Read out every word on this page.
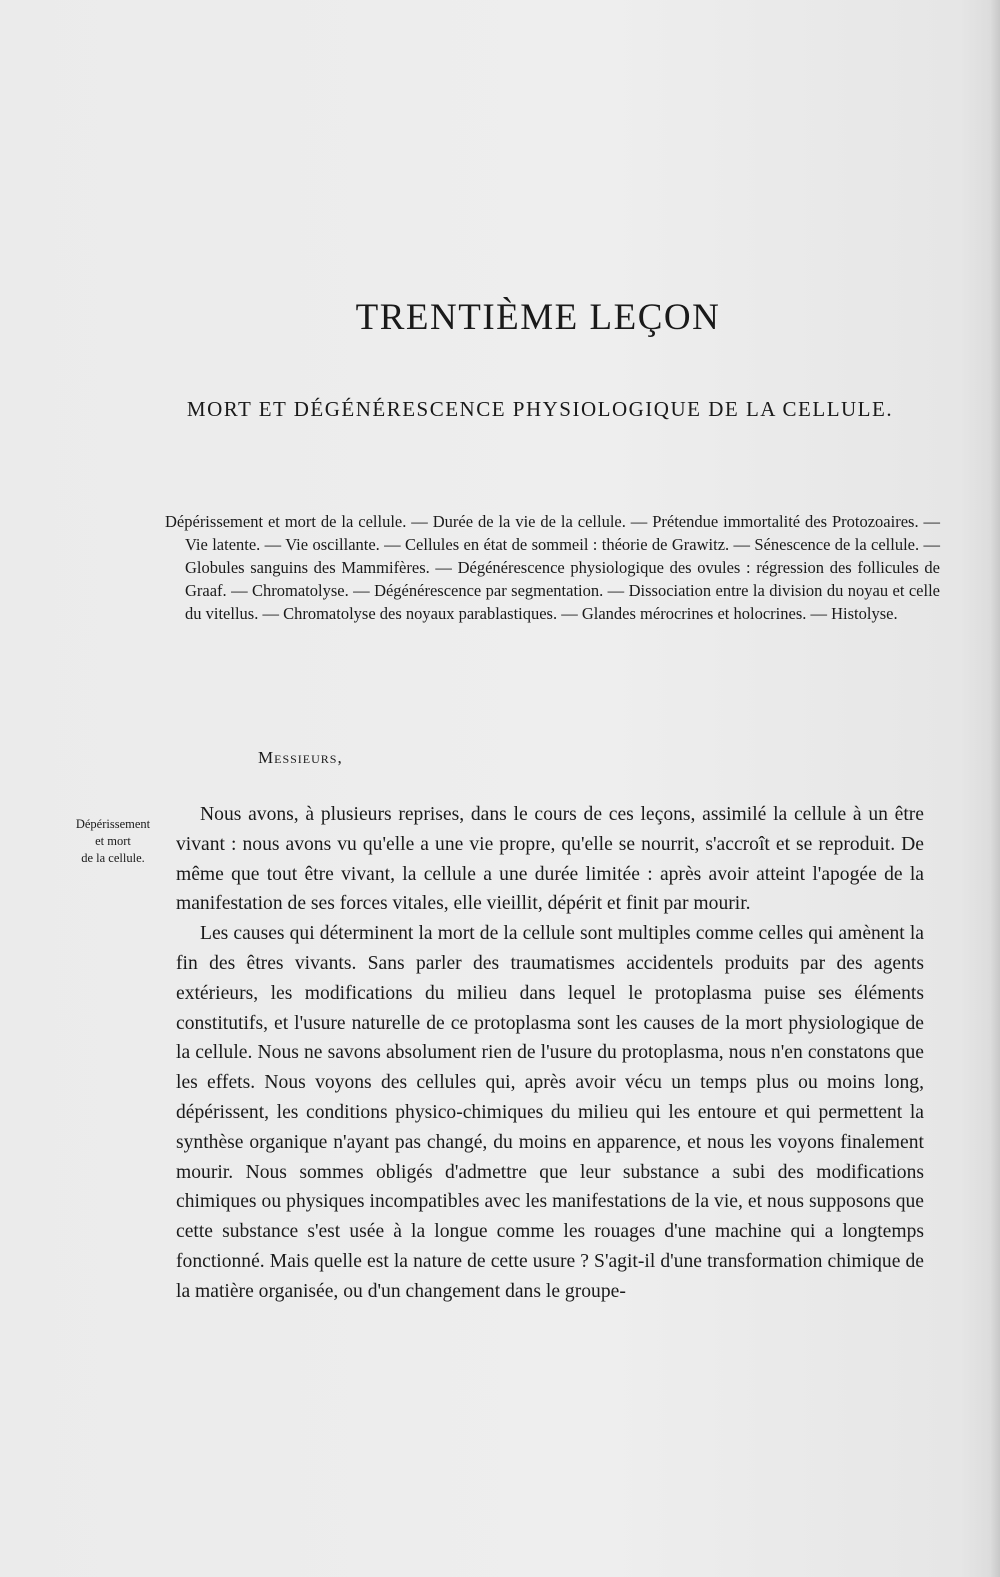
TRENTIÈME LEÇON
MORT ET DÉGÉNÉRESCENCE PHYSIOLOGIQUE DE LA CELLULE.

Dépérissement et mort de la cellule. — Durée de la vie de la cellule. — Prétendue immortalité des Protozoaires. — Vie latente. — Vie oscillante. — Cellules en état de sommeil : théorie de Grawitz. — Sénescence de la cellule. — Globules sanguins des Mammifères. — Dégénérescence physiologique des ovules : régression des follicules de Graaf. — Chromatolyse. — Dégénérescence par segmentation. — Dissociation entre la division du noyau et celle du vitellus. — Chromatolyse des noyaux parablastiques. — Glandes mérocrines et holocrines. — Histolyse.

Messieurs,

Dépérissement
et mort
de la cellule.

Nous avons, à plusieurs reprises, dans le cours de ces leçons, assimilé la cellule à un être vivant : nous avons vu qu'elle a une vie propre, qu'elle se nourrit, s'accroît et se reproduit. De même que tout être vivant, la cellule a une durée limitée : après avoir atteint l'apogée de la manifestation de ses forces vitales, elle vieillit, dépérit et finit par mourir.

Les causes qui déterminent la mort de la cellule sont multiples comme celles qui amènent la fin des êtres vivants. Sans parler des traumatismes accidentels produits par des agents extérieurs, les modifications du milieu dans lequel le protoplasma puise ses éléments constitutifs, et l'usure naturelle de ce protoplasma sont les causes de la mort physiologique de la cellule. Nous ne savons absolument rien de l'usure du protoplasma, nous n'en constatons que les effets. Nous voyons des cellules qui, après avoir vécu un temps plus ou moins long, dépérissent, les conditions physico-chimiques du milieu qui les entoure et qui permettent la synthèse organique n'ayant pas changé, du moins en apparence, et nous les voyons finalement mourir. Nous sommes obligés d'admettre que leur substance a subi des modifications chimiques ou physiques incompatibles avec les manifestations de la vie, et nous supposons que cette substance s'est usée à la longue comme les rouages d'une machine qui a longtemps fonctionné. Mais quelle est la nature de cette usure ? S'agit-il d'une transformation chimique de la matière organisée, ou d'un changement dans le groupe-
